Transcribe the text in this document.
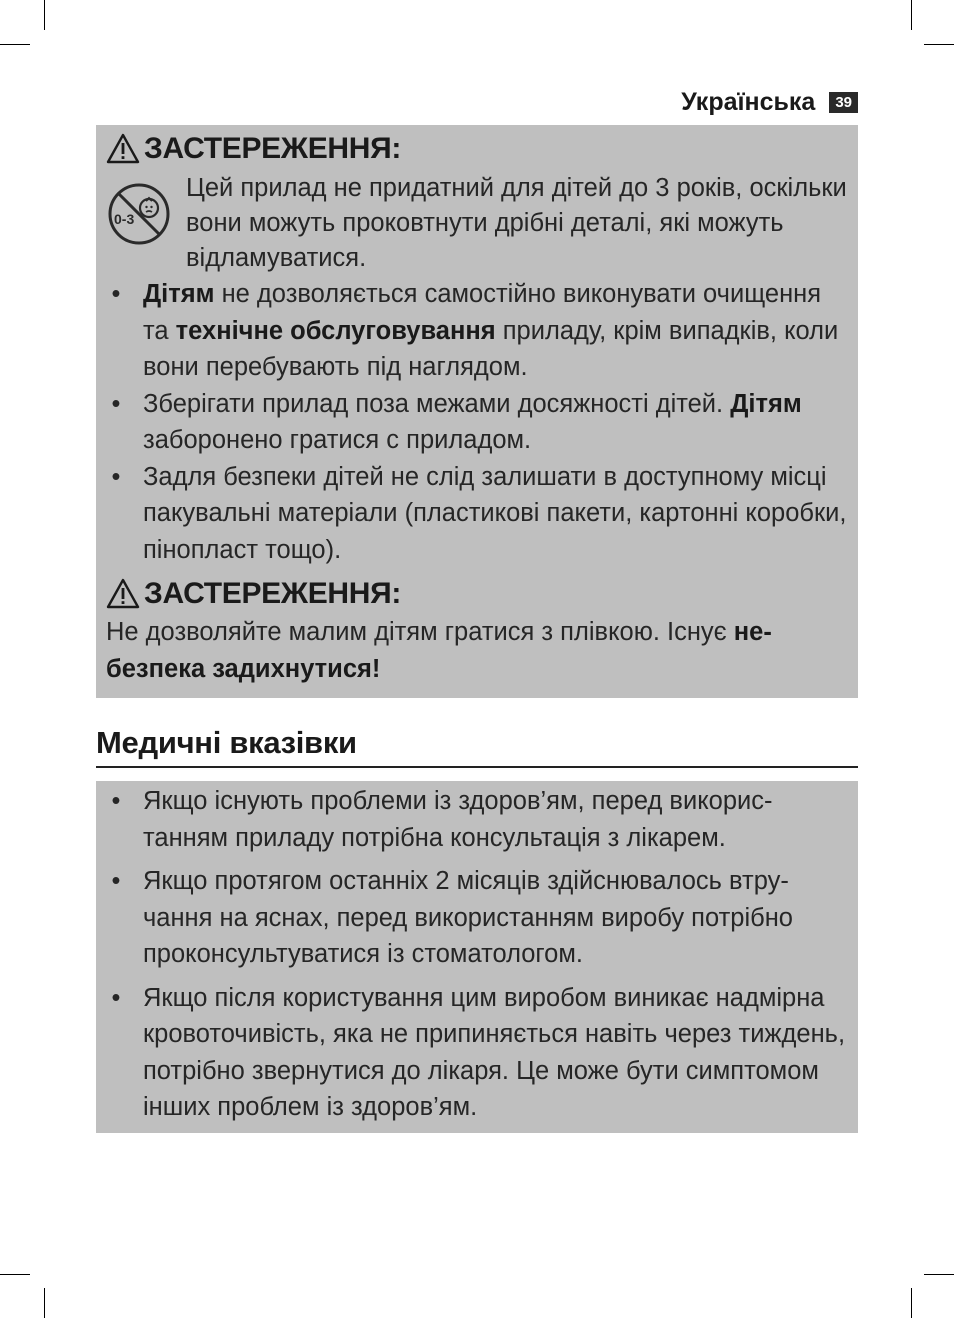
Українська	39
ЗАСТЕРЕЖЕННЯ:
0-3
Цей прилад не придатний для дітей до 3 років, оскільки вони можуть проковтнути дрібні деталі, які можуть відламуватися.
• Дітям не дозволяється самостійно виконувати очищення та технічне обслуговування приладу, крім випадків, коли вони перебувають під наглядом.
• Зберігати прилад поза межами досяжності дітей. Дітям заборонено гратися с приладом.
• Задля безпеки дітей не слід залишати в доступному місці пакувальні матеріали (пластикові пакети, картонні коробки, пінопласт тощо).
ЗАСТЕРЕЖЕННЯ:
Не дозволяйте малим дітям гратися з плівкою. Існує небезпека задихнутися!
Медичні вказівки
• Якщо існують проблеми із здоров’ям, перед використанням приладу потрібна консультація з лікарем.
• Якщо протягом останніх 2 місяців здійснювалось втручання на яснах, перед використанням виробу потрібно проконсультуватися із стоматологом.
• Якщо після користування цим виробом виникає надмірна кровоточивість, яка не припиняється навіть через тиждень, потрібно звернутися до лікаря. Це може бути симптомом інших проблем із здоров’ям.
